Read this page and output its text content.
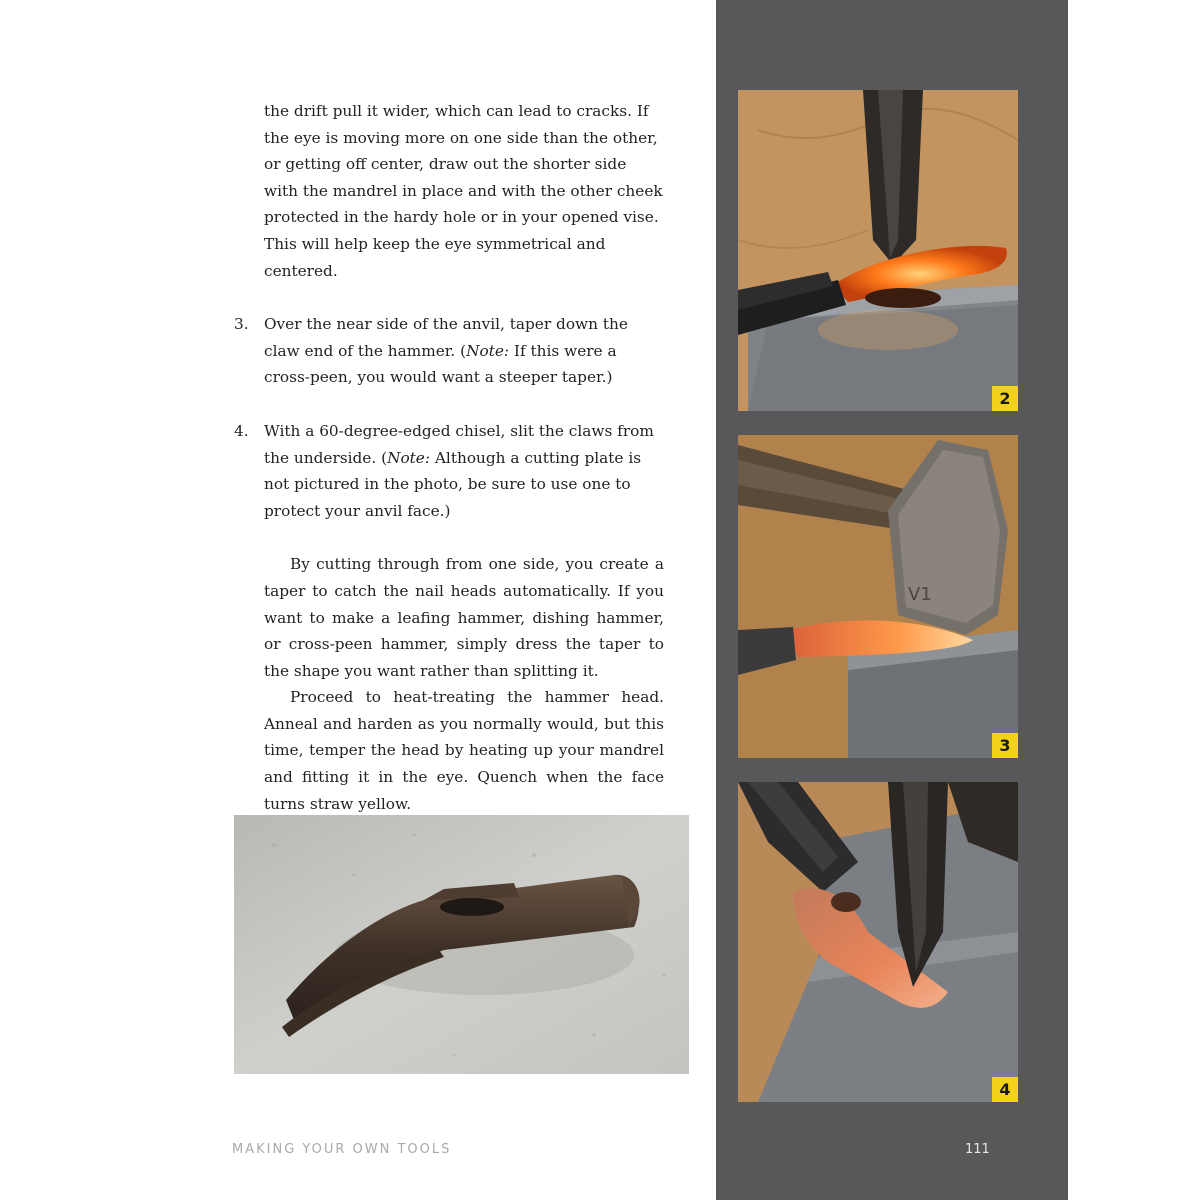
the drift pull it wider, which can lead to cracks. If the eye is moving more on one side than the other, or getting off center, draw out the shorter side with the mandrel in place and with the other cheek protected in the hardy hole or in your opened vise. This will help keep the eye symmetrical and centered.

3.	Over the near side of the anvil, taper down the claw end of the hammer. (Note: If this were a cross-peen, you would want a steeper taper.)

4.	With a 60-degree-edged chisel, slit the claws from the underside. (Note: Although a cutting plate is not pictured in the photo, be sure to use one to protect your anvil face.)

By cutting through from one side, you create a taper to catch the nail heads automatically. If you want to make a leafing hammer, dishing hammer, or cross-peen hammer, simply dress the taper to the shape you want rather than splitting it.

Proceed to heat-treating the hammer head. Anneal and harden as you normally would, but this time, temper the head by heating up your mandrel and fitting it in the eye. Quench when the face turns straw yellow.

2
V1
3
4
MAKING YOUR OWN TOOLS	111
